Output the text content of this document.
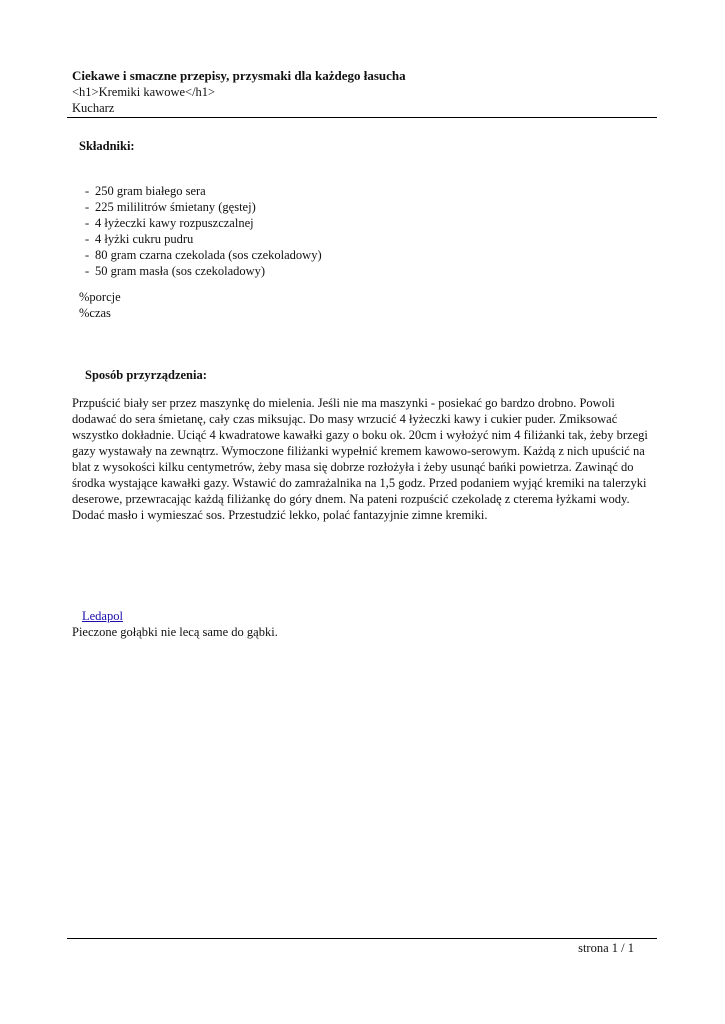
Ciekawe i smaczne przepisy, przysmaki dla każdego łasucha
<h1>Kremiki kawowe</h1>
Kucharz
Składniki:
- 250 gram białego sera
- 225 mililitrów śmietany (gęstej)
- 4 łyżeczki kawy rozpuszczalnej
- 4 łyżki cukru pudru
- 80 gram czarna czekolada (sos czekoladowy)
- 50 gram masła (sos czekoladowy)
%porcje
%czas
Sposób przyrządzenia:

Przpuścić biały ser przez maszynkę do mielenia. Jeśli nie ma maszynki - posiekać go bardzo drobno. Powoli dodawać do sera śmietanę, cały czas miksując. Do masy wrzucić 4 łyżeczki kawy i cukier puder. Zmiksować wszystko dokładnie. Uciąć 4 kwadratowe kawałki gazy o boku ok. 20cm i wyłożyć nim 4 filiżanki tak, żeby brzegi gazy wystawały na zewnątrz. Wymoczone filiżanki wypełnić kremem kawowo-serowym. Każdą z nich upuścić na blat z wysokości kilku centymetrów, żeby masa się dobrze rozłożyła i żeby usunąć bańki powietrza. Zawinąć do środka wystające kawałki gazy. Wstawić do zamrażalnika na 1,5 godz. Przed podaniem wyjąć kremiki na talerzyki deserowe, przewracając każdą filiżankę do góry dnem. Na pateni rozpuścić czekoladę z cterema łyżkami wody. Dodać masło i wymieszać sos. Przestudzić lekko, polać fantazyjnie zimne kremiki.

Ledapol
Pieczone gołąbki nie lecą same do gąbki.
strona 1 / 1
